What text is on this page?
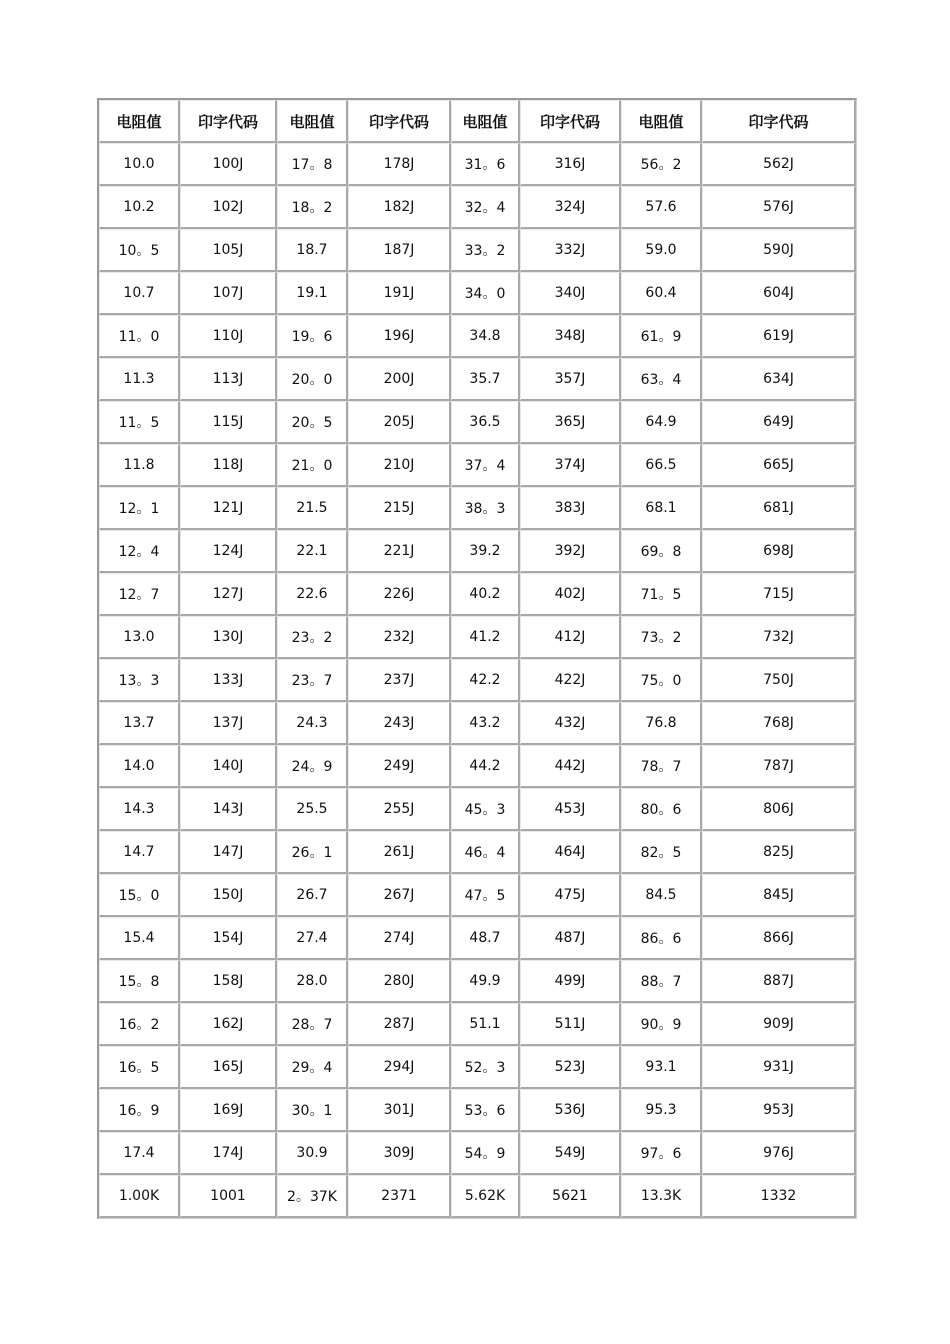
电阻值	印字代码	电阻值	印字代码	电阻值	印字代码	电阻值	印字代码
10.0	100J	17。8	178J	31。6	316J	56。2	562J
10.2	102J	18。2	182J	32。4	324J	57.6	576J
10。5	105J	18.7	187J	33。2	332J	59.0	590J
10.7	107J	19.1	191J	34。0	340J	60.4	604J
11。0	110J	19。6	196J	34.8	348J	61。9	619J
11.3	113J	20。0	200J	35.7	357J	63。4	634J
11。5	115J	20。5	205J	36.5	365J	64.9	649J
11.8	118J	21。0	210J	37。4	374J	66.5	665J
12。1	121J	21.5	215J	38。3	383J	68.1	681J
12。4	124J	22.1	221J	39.2	392J	69。8	698J
12。7	127J	22.6	226J	40.2	402J	71。5	715J
13.0	130J	23。2	232J	41.2	412J	73。2	732J
13。3	133J	23。7	237J	42.2	422J	75。0	750J
13.7	137J	24.3	243J	43.2	432J	76.8	768J
14.0	140J	24。9	249J	44.2	442J	78。7	787J
14.3	143J	25.5	255J	45。3	453J	80。6	806J
14.7	147J	26。1	261J	46。4	464J	82。5	825J
15。0	150J	26.7	267J	47。5	475J	84.5	845J
15.4	154J	27.4	274J	48.7	487J	86。6	866J
15。8	158J	28.0	280J	49.9	499J	88。7	887J
16。2	162J	28。7	287J	51.1	511J	90。9	909J
16。5	165J	29。4	294J	52。3	523J	93.1	931J
16。9	169J	30。1	301J	53。6	536J	95.3	953J
17.4	174J	30.9	309J	54。9	549J	97。6	976J
1.00K	1001	2。37K	2371	5.62K	5621	13.3K	1332
